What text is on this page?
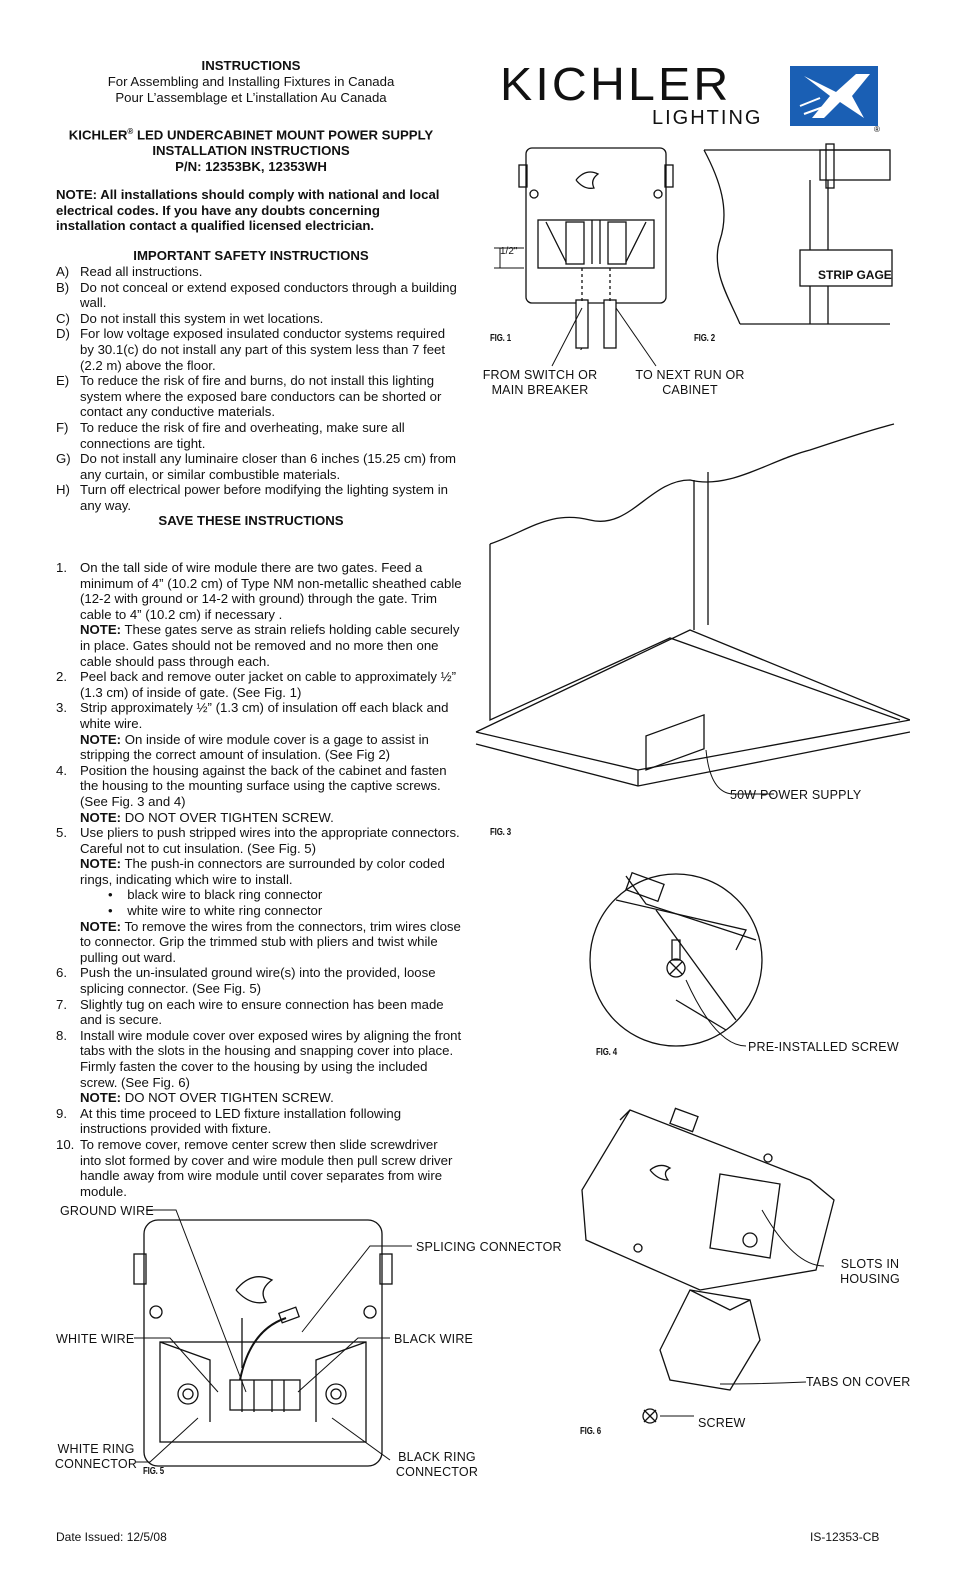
INSTRUCTIONS
For Assembling and Installing Fixtures in Canada
Pour L’assemblage et L’installation Au Canada
KICHLER® LED UNDERCABINET MOUNT POWER SUPPLY
INSTALLATION INSTRUCTIONS
P/N: 12353BK, 12353WH
NOTE: All installations should comply with national and local electrical codes. If you have any doubts concerning installation contact a qualified licensed electrician.
IMPORTANT SAFETY INSTRUCTIONS
A) Read all instructions.
B) Do not conceal or extend exposed conductors through a building wall.
C) Do not install this system in wet locations.
D) For low voltage exposed insulated conductor systems required by 30.1(c) do not install any part of this system less than 7 feet (2.2 m) above the floor.
E) To reduce the risk of fire and burns, do not install this lighting system where the exposed bare conductors can be shorted or contact any conductive materials.
F) To reduce the risk of fire and overheating, make sure all connections are tight.
G) Do not install any luminaire closer than 6 inches (15.25 cm) from any curtain, or similar combustible materials.
H) Turn off electrical power before modifying the lighting system in any way.
SAVE THESE INSTRUCTIONS
1. On the tall side of wire module there are two gates. Feed a minimum of 4” (10.2 cm) of Type NM non-metallic sheathed cable (12-2 with ground or 14-2 with ground) through the gate. Trim cable to 4” (10.2 cm) if necessary .
NOTE: These gates serve as strain reliefs holding cable securely in place. Gates should not be removed and no more then one cable should pass through each.
2. Peel back and remove outer jacket on cable to approximately ½” (1.3 cm) of inside of gate. (See Fig. 1)
3. Strip approximately ½” (1.3 cm) of insulation off each black and white wire.
NOTE: On inside of wire module cover is a gage to assist in stripping the correct amount of insulation. (See Fig 2)
4. Position the housing against the back of the cabinet and fasten the housing to the mounting surface using the captive screws. (See Fig. 3 and 4)
NOTE: DO NOT OVER TIGHTEN SCREW.
5. Use pliers to push stripped wires into the appropriate connectors. Careful not to cut insulation. (See Fig. 5)
NOTE: The push-in connectors are surrounded by color coded rings, indicating which wire to install.
•    black wire to black ring connector
•    white wire to white ring connector
NOTE: To remove the wires from the connectors, trim wires close to connector. Grip the trimmed stub with pliers and twist while pulling out ward.
6. Push the un-insulated ground wire(s) into the provided, loose splicing connector. (See Fig. 5)
7. Slightly tug on each wire to ensure connection has been made and is secure.
8. Install wire module cover over exposed wires by aligning the front tabs with the slots in the housing and snapping cover into place. Firmly fasten the cover to the housing by using the included screw. (See Fig. 6)
NOTE: DO NOT OVER TIGHTEN SCREW.
9. At this time proceed to LED fixture installation following instructions provided with fixture.
10. To remove cover, remove center screw then slide screwdriver into slot formed by cover and wire module then pull screw driver handle away from wire module until cover separates from wire module.
KICHLER
LIGHTING
®
1/2"
FIG. 1
FROM SWITCH OR
MAIN BREAKER
TO NEXT RUN OR
CABINET
STRIP GAGE
FIG. 2
50W POWER SUPPLY
FIG. 3
PRE-INSTALLED SCREW
FIG. 4
GROUND WIRE
SPLICING CONNECTOR
WHITE WIRE	BLACK WIRE
WHITE RING
CONNECTOR	BLACK RING
CONNECTOR
FIG. 5
SLOTS IN
HOUSING
TABS ON COVER
SCREW
FIG. 6
Date Issued: 12/5/08	IS-12353-CB
